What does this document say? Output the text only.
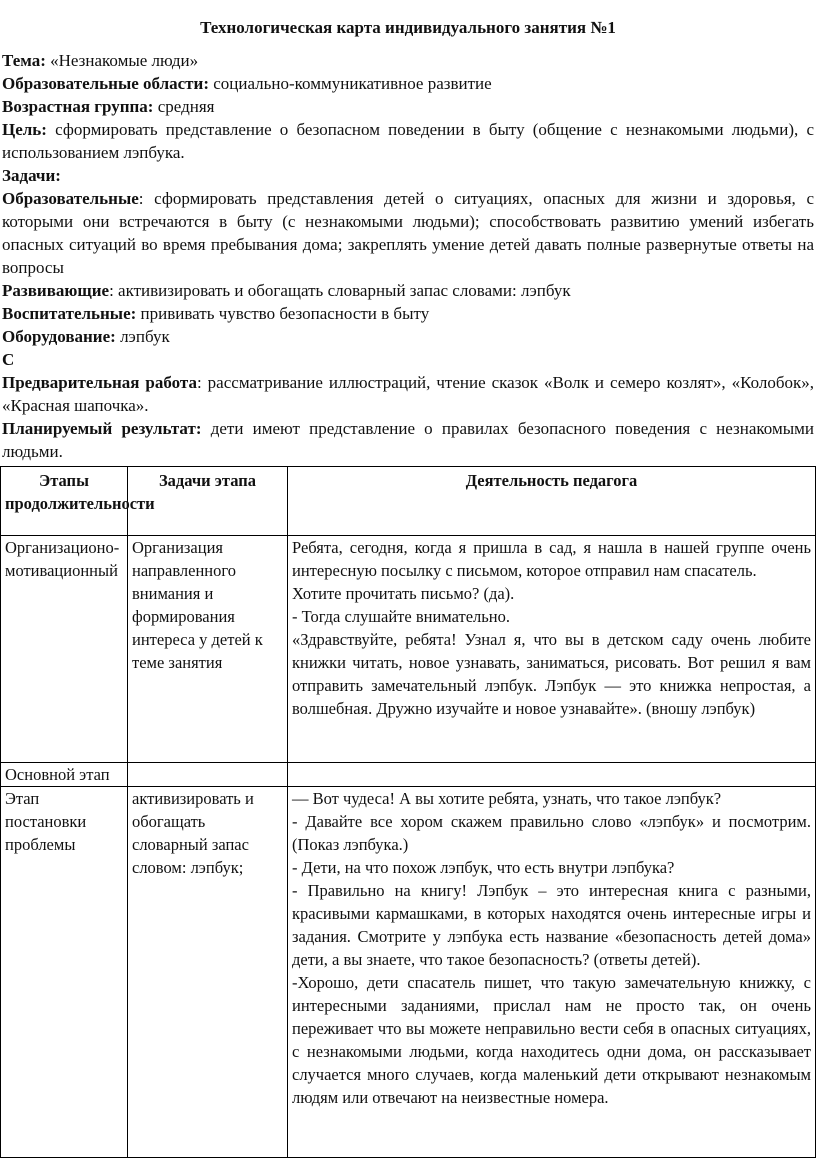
Технологическая карта индивидуального занятия №1

Тема: «Незнакомые люди»

Образовательные области: социально-коммуникативное развитие

Возрастная группа: средняя

Цель: сформировать представление о безопасном поведении в быту (общение с незнакомыми людьми), с использованием лэпбука.

Задачи:

Образовательные: сформировать представления детей о ситуациях, опасных для жизни и здоровья, с которыми они встречаются в быту (с незнакомыми людьми); способствовать развитию умений избегать опасных ситуаций во время пребывания дома; закреплять умение детей давать полные развернутые ответы на вопросы

Развивающие: активизировать и обогащать словарный запас словами: лэпбук

Воспитательные: прививать чувство безопасности в быту

Оборудование: лэпбук

С

Предварительная работа: рассматривание иллюстраций, чтение сказок «Волк и семеро козлят», «Колобок», «Красная шапочка».

Планируемый результат: дети имеют представление о правилах безопасного поведения с незнакомыми людьми.

Этапы продолжительности	Задачи этапа	Деятельность педагога

Организационо-мотивационный	Организация направленного внимания и формирования интереса у детей к теме занятия	Ребята, сегодня, когда я пришла в сад, я нашла в нашей группе очень интересную посылку с письмом, которое отправил нам спасатель.

Хотите прочитать письмо? (да).

- Тогда слушайте внимательно.

«Здравствуйте, ребята! Узнал я, что вы в детском саду очень любите книжки читать, новое узнавать, заниматься, рисовать. Вот решил я вам отправить замечательный лэпбук. Лэпбук — это книжка непростая, а волшебная. Дружно изучайте и новое узнавайте». (вношу лэпбук)

Основной этап		

Этап постановки проблемы	активизировать и обогащать словарный запас словом: лэпбук;	— Вот чудеса! А вы хотите ребята, узнать, что такое лэпбук?

- Давайте все хором скажем правильно слово «лэпбук» и посмотрим. (Показ лэпбука.)

- Дети, на что похож лэпбук, что есть внутри лэпбука?

- Правильно на книгу! Лэпбук – это интересная книга с разными, красивыми кармашками, в которых находятся очень интересные игры и задания. Смотрите у лэпбука есть название «безопасность детей дома» дети, а вы знаете, что такое безопасность? (ответы детей).

-Хорошо, дети спасатель пишет, что такую замечательную книжку, с интересными заданиями, прислал нам не просто так, он очень переживает что вы можете неправильно вести себя в опасных ситуациях, с незнакомыми людьми, когда находитесь одни дома, он рассказывает случается много случаев, когда маленький дети открывают незнакомым людям или отвечают на неизвестные номера.
